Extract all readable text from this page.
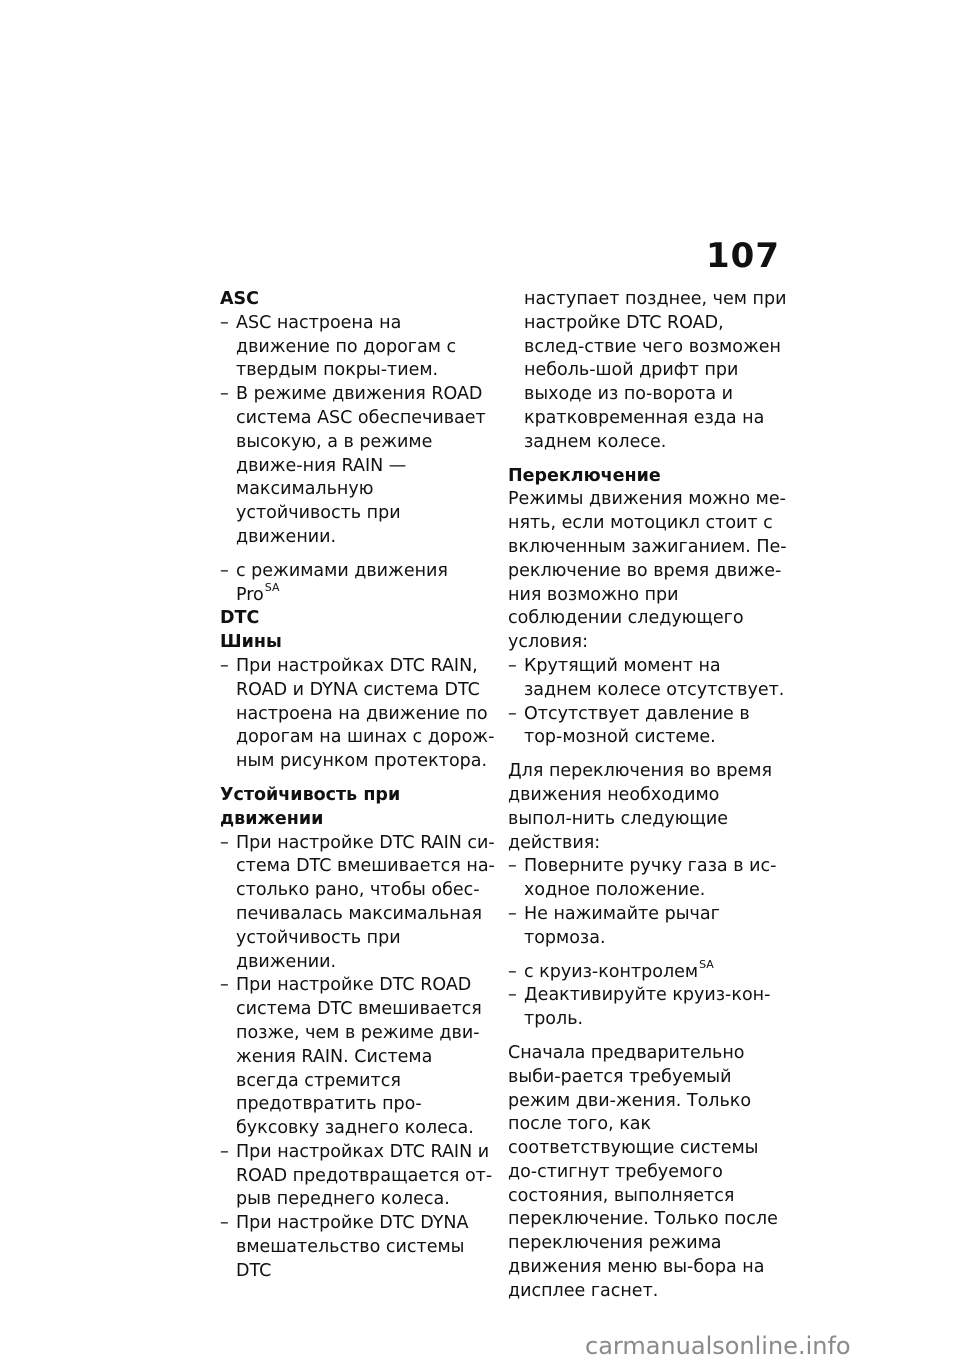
107

ASC

– ASC настроена на движение по дорогам с твердым покры-тием.
– В режиме движения ROAD система ASC обеспечивает высокую, а в режиме движе-ния RAIN — максимальную устойчивость при движении.
– с режимами движения Pro$^{SA}$

DTC

Шины

– При настройках DTC RAIN, ROAD и DYNA система DTC настроена на движение по дорогам на шинах с дорож-ным рисунком протектора.

Устойчивость при движении

– При настройке DTC RAIN си-стема DTC вмешивается на-столько рано, чтобы обес-печивалась максимальная устойчивость при движении.
– При настройке DTC ROAD система DTC вмешивается позже, чем в режиме дви-жения RAIN. Система всегда стремится предотвратить про-буксовку заднего колеса.
– При настройках DTC RAIN и ROAD предотвращается от-рыв переднего колеса.
– При настройке DTC DYNA вмешательство системы DTC

наступает позднее, чем при настройке DTC ROAD, вслед-ствие чего возможен неболь-шой дрифт при выходе из по-ворота и кратковременная езда на заднем колесе.

Переключение

Режимы движения можно ме-нять, если мотоцикл стоит с включенным зажиганием. Пе-реключение во время движе-ния возможно при соблюдении следующего условия:

– Крутящий момент на заднем колесе отсутствует.
– Отсутствует давление в тор-мозной системе.

Для переключения во время движения необходимо выпол-нить следующие действия:

– Поверните ручку газа в ис-ходное положение.
– Не нажимайте рычаг тормоза.
– с круиз-контролем$^{SA}$
– Деактивируйте круиз-кон-троль.

Сначала предварительно выби-рается требуемый режим дви-жения. Только после того, как соответствующие системы до-стигнут требуемого состояния, выполняется переключение. Только после переключения режима движения меню вы-бора на дисплее гаснет.

carmanualsonline.info
